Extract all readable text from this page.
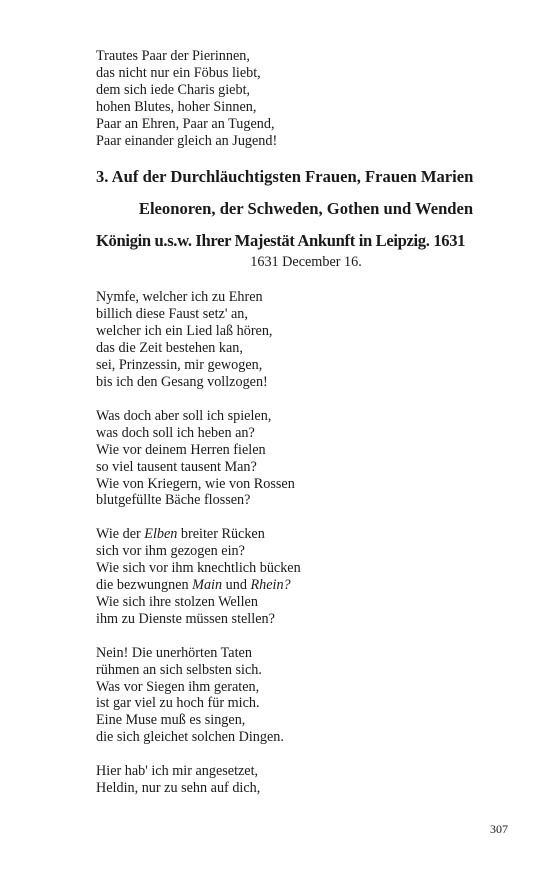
Trautes Paar der Pierinnen,
das nicht nur ein Föbus liebt,
dem sich iede Charis giebt,
hohen Blutes, hoher Sinnen,
Paar an Ehren, Paar an Tugend,
Paar einander gleich an Jugend!
3. Auf der Durchläuchtigsten Frauen, Frauen Marien
Eleonoren, der Schweden, Gothen und Wenden
Königin u.s.w. Ihrer Majestät Ankunft in Leipzig. 1631
1631 December 16.
Nymfe, welcher ich zu Ehren
billich diese Faust setz' an,
welcher ich ein Lied laß hören,
das die Zeit bestehen kan,
sei, Prinzessin, mir gewogen,
bis ich den Gesang vollzogen!
Was doch aber soll ich spielen,
was doch soll ich heben an?
Wie vor deinem Herren fielen
so viel tausent tausent Man?
Wie von Kriegern, wie von Rossen
blutgefüllte Bäche flossen?
Wie der Elben breiter Rücken
sich vor ihm gezogen ein?
Wie sich vor ihm knechtlich bücken
die bezwungnen Main und Rhein?
Wie sich ihre stolzen Wellen
ihm zu Dienste müssen stellen?
Nein! Die unerhörten Taten
rühmen an sich selbsten sich.
Was vor Siegen ihm geraten,
ist gar viel zu hoch für mich.
Eine Muse muß es singen,
die sich gleichet solchen Dingen.
Hier hab' ich mir angesetzet,
Heldin, nur zu sehn auf dich,
307
